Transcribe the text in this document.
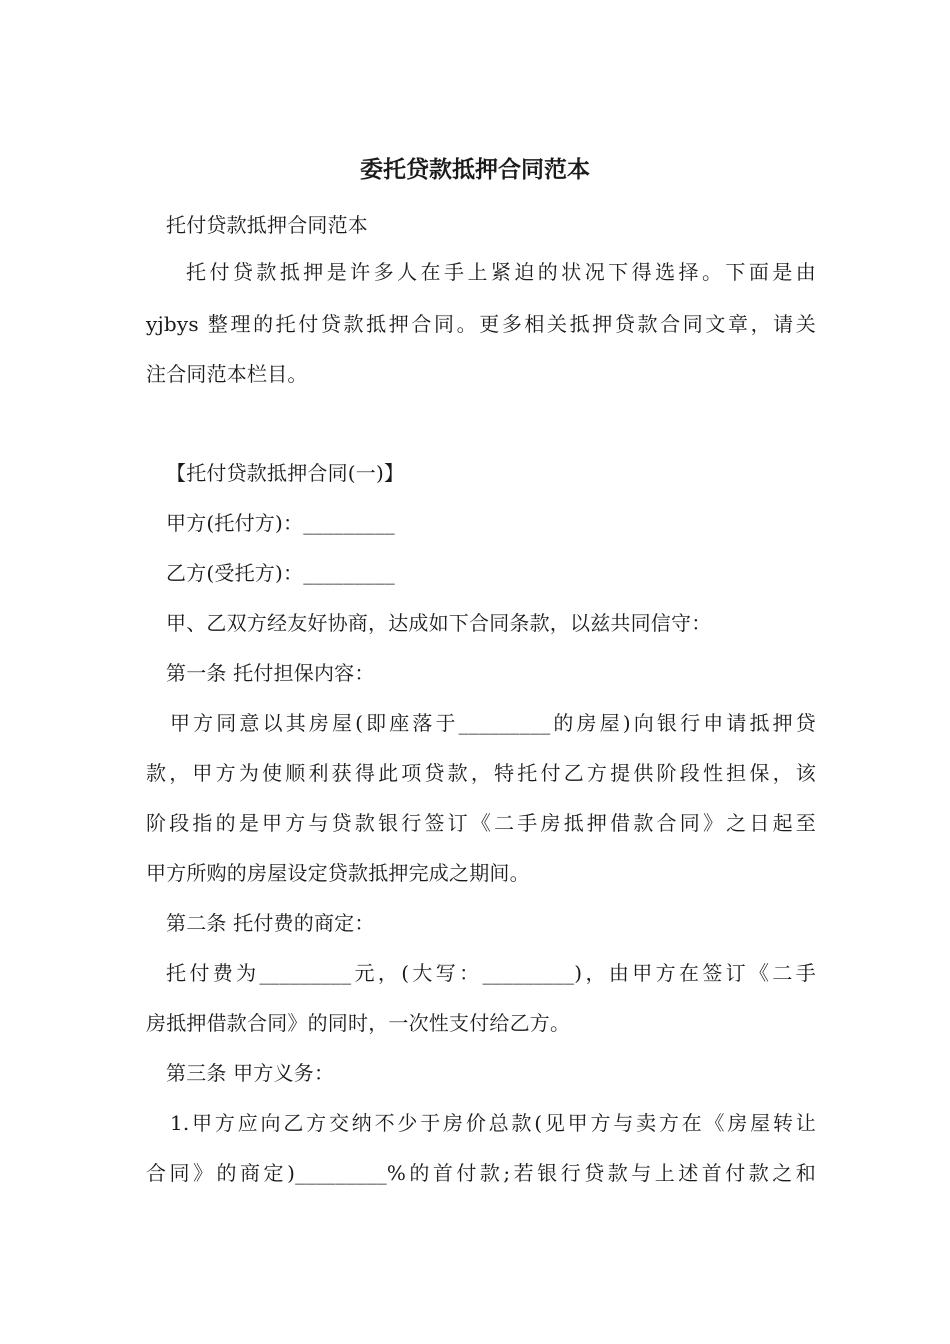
委托贷款抵押合同范本
托付贷款抵押合同范本
托付贷款抵押是许多人在手上紧迫的状况下得选择。下面是由
yjbys 整理的托付贷款抵押合同。更多相关抵押贷款合同文章，请关
注合同范本栏目。
【托付贷款抵押合同(一)】
甲方(托付方)：_________
乙方(受托方)：_________
甲、乙双方经友好协商，达成如下合同条款，以兹共同信守：
第一条 托付担保内容：
甲方同意以其房屋(即座落于_________的房屋)向银行申请抵押贷
款，甲方为使顺利获得此项贷款，特托付乙方提供阶段性担保，该
阶段指的是甲方与贷款银行签订《二手房抵押借款合同》之日起至
甲方所购的房屋设定贷款抵押完成之期间。
第二条 托付费的商定：
托付费为_________元，(大写：_________)，由甲方在签订《二手
房抵押借款合同》的同时，一次性支付给乙方。
第三条 甲方义务：
1.甲方应向乙方交纳不少于房价总款(见甲方与卖方在《房屋转让
合同》的商定)_________%的首付款;若银行贷款与上述首付款之和
